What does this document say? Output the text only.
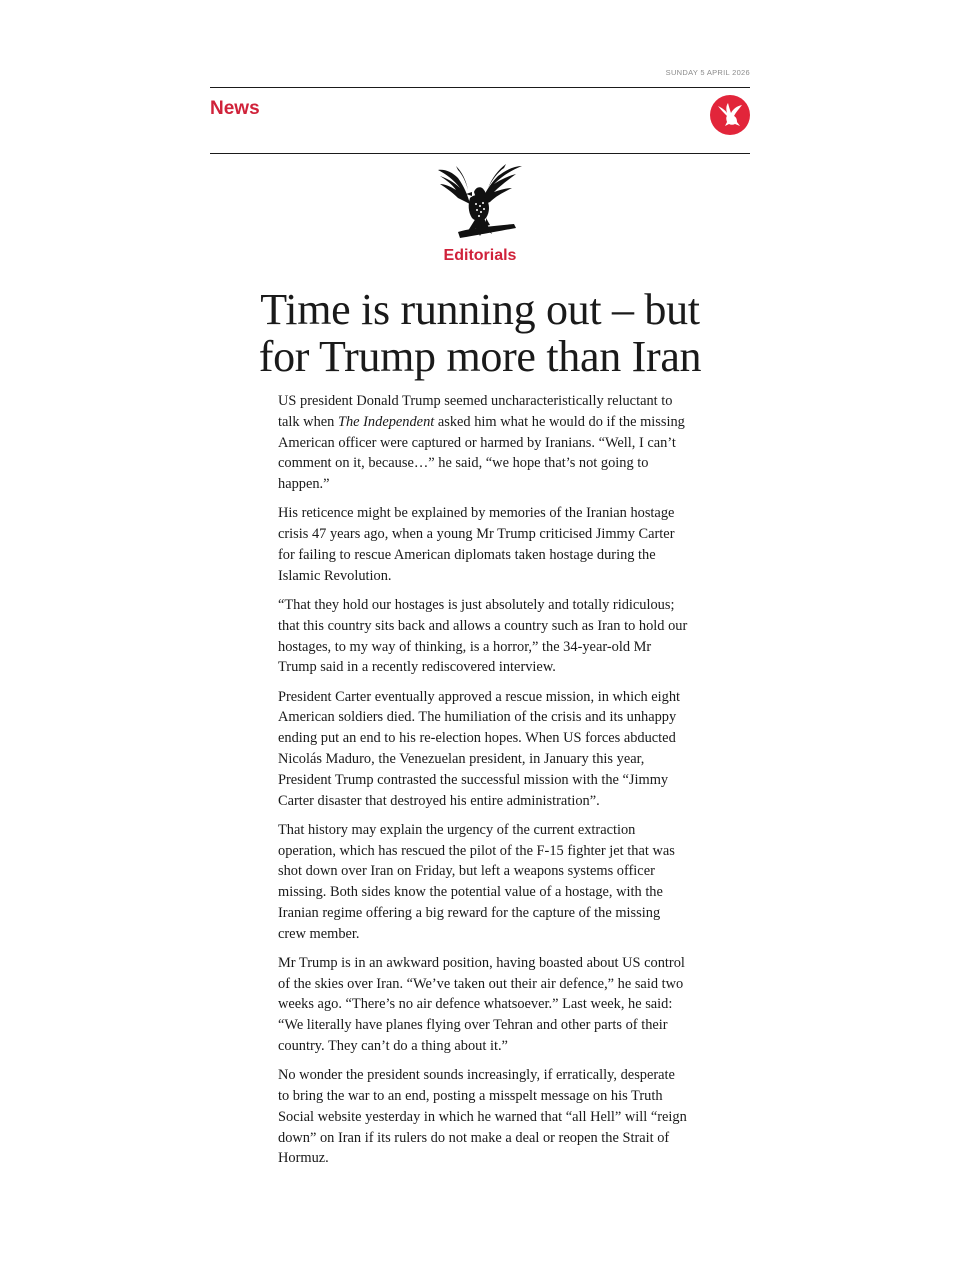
SUNDAY 5 APRIL 2026
News
Editorials
Time is running out – but
for Trump more than Iran

US president Donald Trump seemed uncharacteristically reluctant to talk when The Independent asked him what he would do if the missing American officer were captured or harmed by Iranians. “Well, I can’t comment on it, because…” he said, “we hope that’s not going to happen.”

His reticence might be explained by memories of the Iranian hostage crisis 47 years ago, when a young Mr Trump criticised Jimmy Carter for failing to rescue American diplomats taken hostage during the Islamic Revolution.

“That they hold our hostages is just absolutely and totally ridiculous; that this country sits back and allows a country such as Iran to hold our hostages, to my way of thinking, is a horror,” the 34-year-old Mr Trump said in a recently rediscovered interview.

President Carter eventually approved a rescue mission, in which eight American soldiers died. The humiliation of the crisis and its unhappy ending put an end to his re-election hopes. When US forces abducted Nicolás Maduro, the Venezuelan president, in January this year, President Trump contrasted the successful mission with the “Jimmy Carter disaster that destroyed his entire administration”.

That history may explain the urgency of the current extraction operation, which has rescued the pilot of the F-15 fighter jet that was shot down over Iran on Friday, but left a weapons systems officer missing. Both sides know the potential value of a hostage, with the Iranian regime offering a big reward for the capture of the missing crew member.

Mr Trump is in an awkward position, having boasted about US control of the skies over Iran. “We’ve taken out their air defence,” he said two weeks ago. “There’s no air defence whatsoever.” Last week, he said: “We literally have planes flying over Tehran and other parts of their country. They can’t do a thing about it.”

No wonder the president sounds increasingly, if erratically, desperate to bring the war to an end, posting a misspelt message on his Truth Social website yesterday in which he warned that “all Hell” will “reign down” on Iran if its rulers do not make a deal or reopen the Strait of Hormuz.
